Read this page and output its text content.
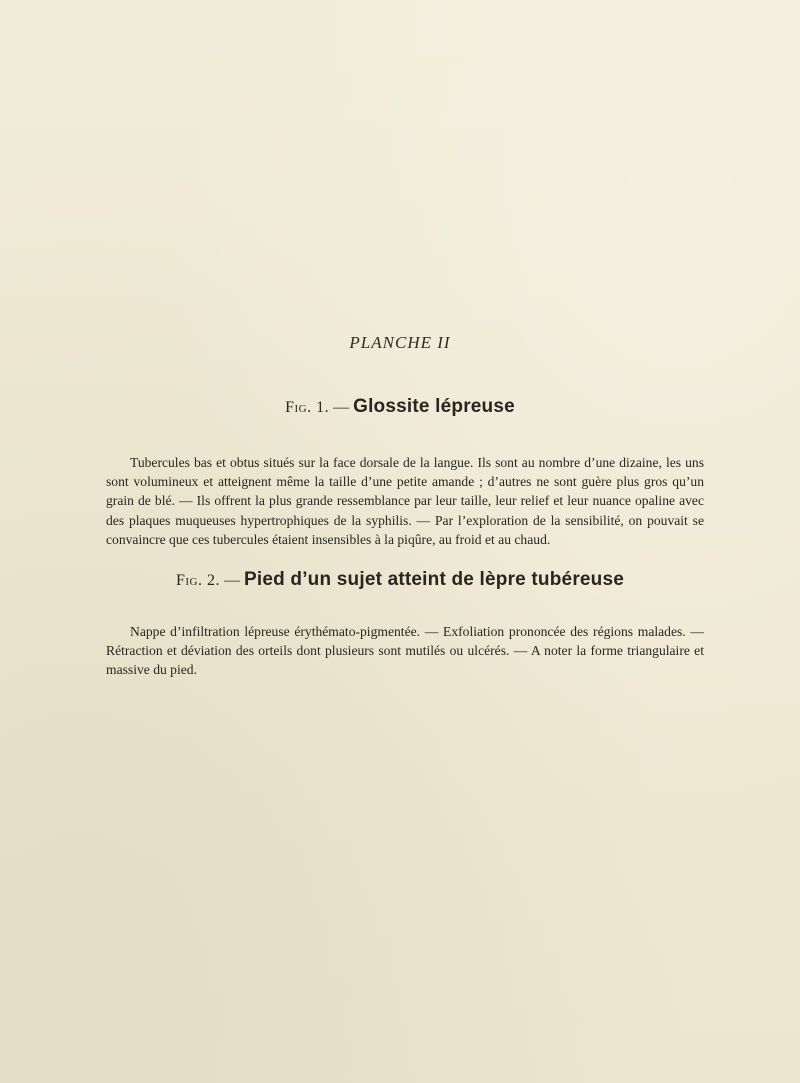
PLANCHE II
Fig. 1. — Glossite lépreuse

Tubercules bas et obtus situés sur la face dorsale de la langue. Ils sont au nombre d’une dizaine, les uns sont volumineux et atteignent même la taille d’une petite amande ; d’autres ne sont guère plus gros qu’un grain de blé. — Ils offrent la plus grande ressemblance par leur taille, leur relief et leur nuance opaline avec des plaques muqueuses hypertrophiques de la syphilis. — Par l’exploration de la sensibilité, on pouvait se convaincre que ces tubercules étaient insensibles à la piqûre, au froid et au chaud.

Fig. 2. — Pied d’un sujet atteint de lèpre tubéreuse

Nappe d’infiltration lépreuse érythémato-pigmentée. — Exfoliation prononcée des régions malades. — Rétraction et déviation des orteils dont plusieurs sont mutilés ou ulcérés. — A noter la forme triangulaire et massive du pied.
